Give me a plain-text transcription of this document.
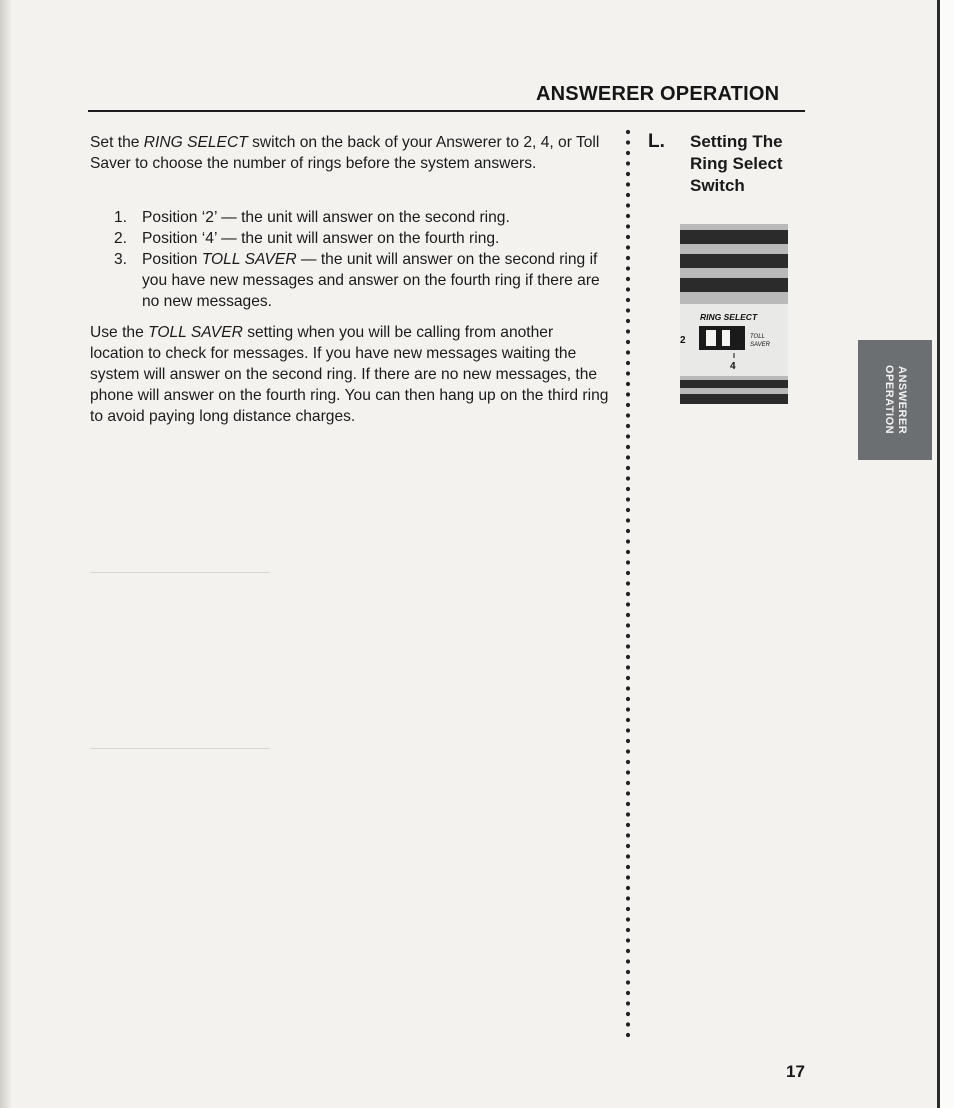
ANSWERER OPERATION
Set the RING SELECT switch on the back of your Answerer to 2, 4, or Toll Saver to choose the number of rings before the system answers.
1. Position ‘2’ — the unit will answer on the second ring.
2. Position ‘4’ — the unit will answer on the fourth ring.
3. Position TOLL SAVER — the unit will answer on the second ring if you have new messages and answer on the fourth ring if there are no new messages.
Use the TOLL SAVER setting when you will be calling from another location to check for messages. If you have new messages waiting the system will answer on the second ring. If there are no new messages, the phone will answer on the fourth ring. You can then hang up on the third ring to avoid paying long distance charges.
L. Setting The
Ring Select
Switch
RING SELECT
2	TOLL
SAVER
4	ANSWERER
OPERATION
17
